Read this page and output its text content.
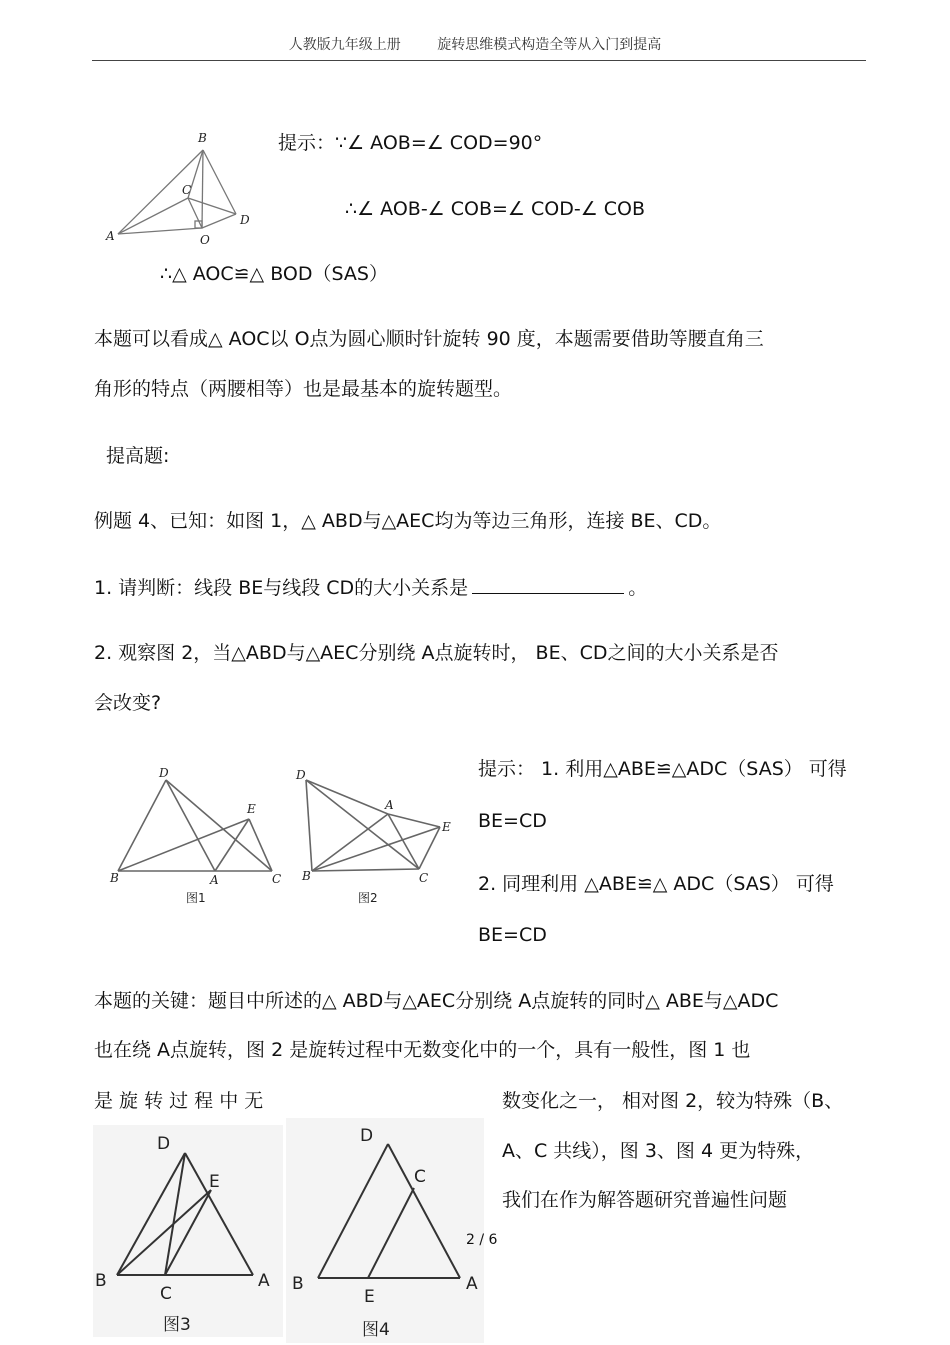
人教版九年级上册	旋转思维模式构造全等从入门到提高
B
C
D
A	O
提示：∵∠ AOB=∠ COD=90°
∴∠ AOB-∠ COB=∠ COD-∠ COB
∴△ AOC≌△ BOD（SAS）
本题可以看成△ AOC以 O点为圆心顺时针旋转 90 度，本题需要借助等腰直角三
角形的特点（两腰相等）也是最基本的旋转题型。
提高题:
例题 4、已知：如图 1，△ ABD与△AEC均为等边三角形，连接 BE、CD。
1. 请判断：线段 BE与线段 CD的大小关系是	。
2. 观察图 2，当△ABD与△AEC分别绕 A点旋转时， BE、CD之间的大小关系是否
会改变?
D
E
B	A	C
图1
D
A
E
B	C
图2
提示： 1. 利用△ABE≌△ADC（SAS） 可得
BE=CD
2. 同理利用 △ABE≌△ ADC（SAS） 可得
BE=CD
本题的关键：题目中所述的△ ABD与△AEC分别绕 A点旋转的同时△ ABE与△ADC
也在绕 A点旋转，图 2 是旋转过程中无数变化中的一个，具有一般性，图 1 也
是 旋 转 过 程 中 无	数变化之一， 相对图 2，较为特殊（B、
A、C 共线），图 3、图 4 更为特殊，
我们在作为解答题研究普遍性问题
D
E
B
C
A
图3
D
C
B
E
A
图4
2 / 6
